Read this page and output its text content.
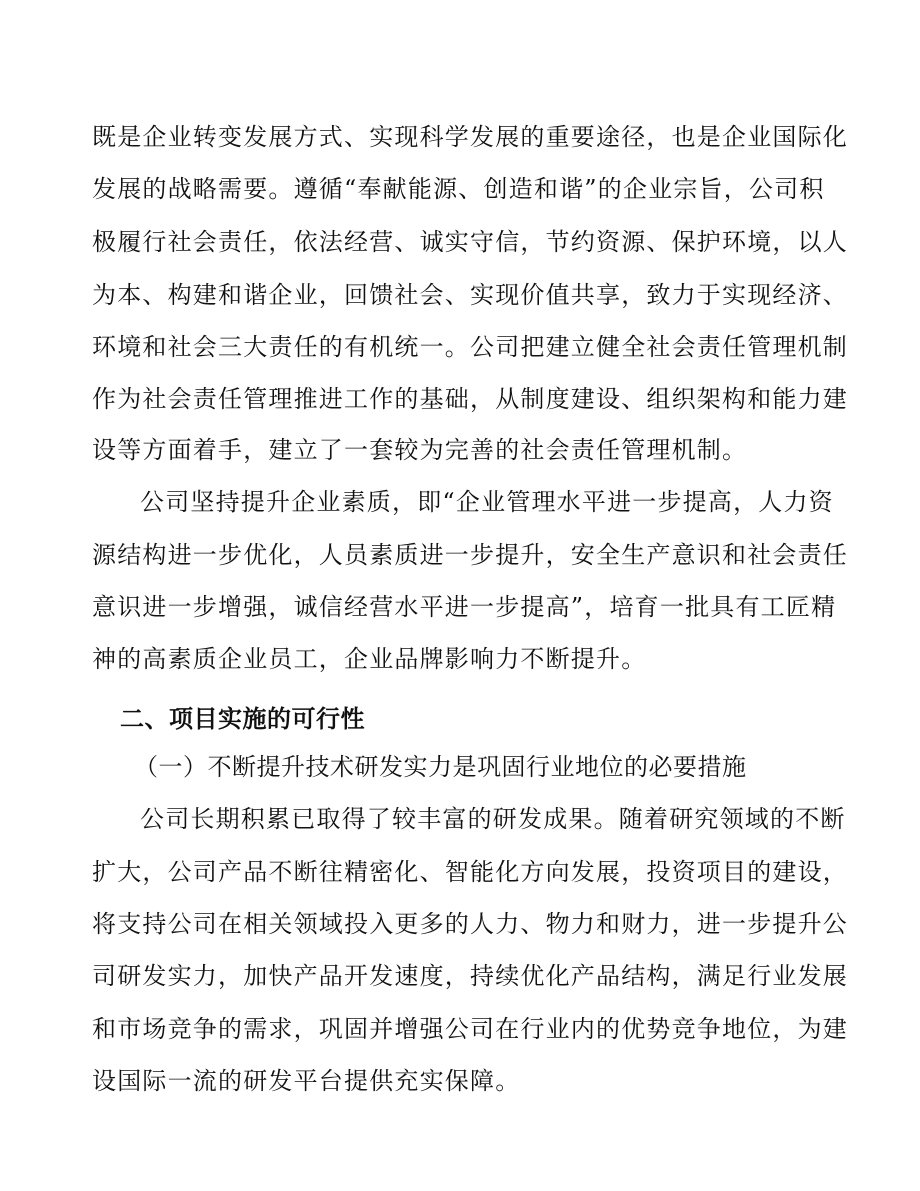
既是企业转变发展方式、实现科学发展的重要途径，也是企业国际化
发展的战略需要。遵循“奉献能源、创造和谐”的企业宗旨，公司积
极履行社会责任，依法经营、诚实守信，节约资源、保护环境，以人
为本、构建和谐企业，回馈社会、实现价值共享，致力于实现经济、
环境和社会三大责任的有机统一。公司把建立健全社会责任管理机制
作为社会责任管理推进工作的基础，从制度建设、组织架构和能力建
设等方面着手，建立了一套较为完善的社会责任管理机制。
公司坚持提升企业素质，即“企业管理水平进一步提高，人力资
源结构进一步优化，人员素质进一步提升，安全生产意识和社会责任
意识进一步增强，诚信经营水平进一步提高”，培育一批具有工匠精
神的高素质企业员工，企业品牌影响力不断提升。
二、项目实施的可行性
（一）不断提升技术研发实力是巩固行业地位的必要措施
公司长期积累已取得了较丰富的研发成果。随着研究领域的不断
扩大，公司产品不断往精密化、智能化方向发展，投资项目的建设，
将支持公司在相关领域投入更多的人力、物力和财力，进一步提升公
司研发实力，加快产品开发速度，持续优化产品结构，满足行业发展
和市场竞争的需求，巩固并增强公司在行业内的优势竞争地位，为建
设国际一流的研发平台提供充实保障。
